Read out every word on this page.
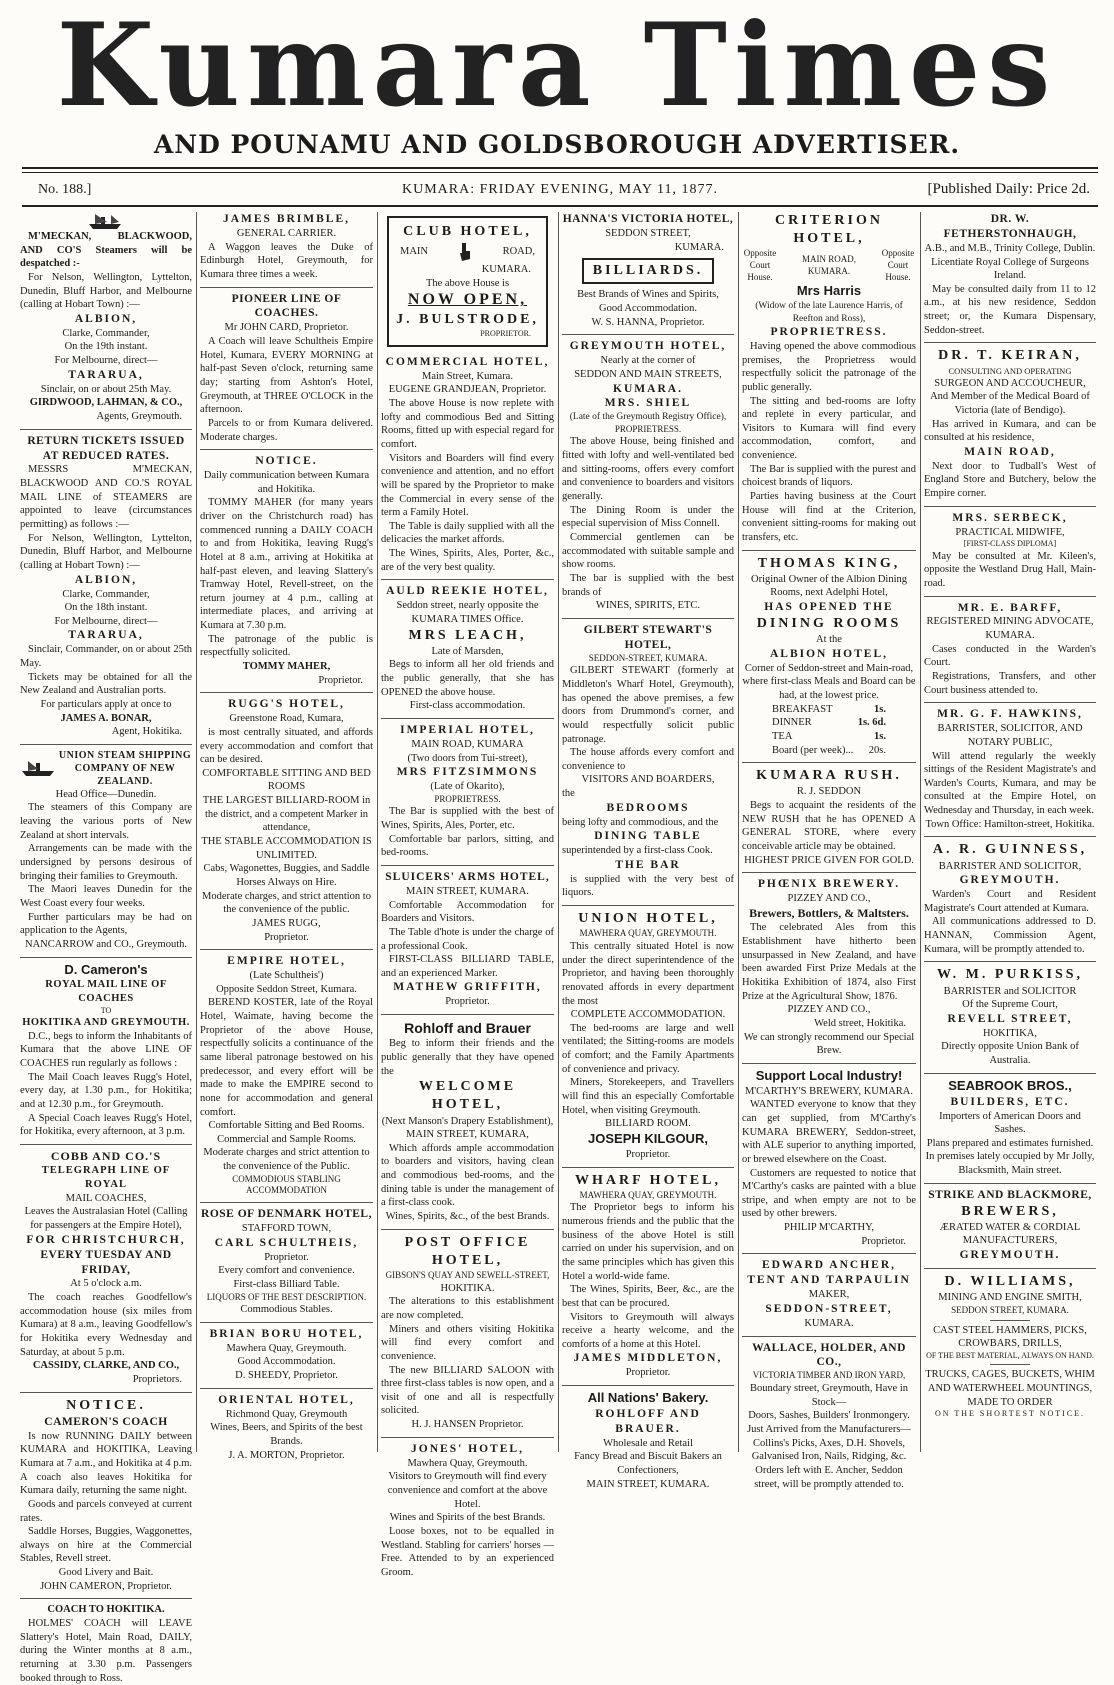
Kumara Times
AND POUNAMU AND GOLDSBOROUGH ADVERTISER.
No. 188.]	KUMARA: FRIDAY EVENING, MAY 11, 1877.	[Published Daily: Price 2d.
M'MECKAN, BLACKWOOD, AND CO'S Steamers will be despatched :-
For Nelson, Wellington, Lyttelton, Dunedin, Bluff Harbor, and Melbourne (calling at Hobart Town) :—
ALBION,
Clarke, Commander,
On the 19th instant.
For Melbourne, direct—
TARARUA,
Sinclair, on or about 25th May.
GIRDWOOD, LAHMAN, & CO.,
Agents, Greymouth.
RETURN TICKETS ISSUED AT REDUCED RATES.
MESSRS M'MECKAN, BLACKWOOD AND CO.'S ROYAL MAIL LINE of STEAMERS are appointed to leave (circumstances permitting) as follows :—
For Nelson, Wellington, Lyttelton, Dunedin, Bluff Harbor, and Melbourne (calling at Hobart Town) :—
ALBION,
Clarke, Commander,
On the 18th instant.
For Melbourne, direct—
TARARUA,
Sinclair, Commander, on or about 25th May.
Tickets may be obtained for all the New Zealand and Australian ports.
For particulars apply at once to
JAMES A. BONAR,
Agent, Hokitika.
UNION STEAM SHIPPING COMPANY OF NEW ZEALAND.
Head Office—Dunedin.
The steamers of this Company are leaving the various ports of New Zealand at short intervals.
Arrangements can be made with the undersigned by persons desirous of bringing their families to Greymouth.
The Maori leaves Dunedin for the West Coast every four weeks.
Further particulars may be had on application to the Agents,
NANCARROW and CO., Greymouth.
D. Cameron's
ROYAL MAIL LINE OF COACHES
TO
HOKITIKA AND GREYMOUTH.
D.C., begs to inform the Inhabitants of Kumara that the above LINE OF COACHES run regularly as follows :
The Mail Coach leaves Rugg's Hotel, every day, at 1.30 p.m., for Hokitika; and at 12.30 p.m., for Greymouth.
A Special Coach leaves Rugg's Hotel, for Hokitika, every afternoon, at 3 p.m.
COBB AND CO.'S
TELEGRAPH LINE OF ROYAL
MAIL COACHES,
Leaves the Australasian Hotel (Calling for passengers at the Empire Hotel),
FOR CHRISTCHURCH,
EVERY TUESDAY AND FRIDAY,
At 5 o'clock a.m.
The coach reaches Goodfellow's accommodation house (six miles from Kumara) at 8 a.m., leaving Goodfellow's for Hokitika every Wednesday and Saturday, at about 5 p.m.
CASSIDY, CLARKE, AND CO.,
Proprietors.
NOTICE.
CAMERON'S COACH
Is now RUNNING DAILY between KUMARA and HOKITIKA, Leaving Kumara at 7 a.m., and Hokitika at 4 p.m. A coach also leaves Hokitika for Kumara daily, returning the same night.
Goods and parcels conveyed at current rates.
Saddle Horses, Buggies, Waggonettes, always on hire at the Commercial Stables, Revell street.
Good Livery and Bait.
JOHN CAMERON, Proprietor.
COACH TO HOKITIKA.
HOLMES' COACH will LEAVE Slattery's Hotel, Main Road, DAILY, during the Winter months at 8 a.m., returning at 3.30 p.m. Passengers booked through to Ross.
JAMES BRIMBLE,
GENERAL CARRIER.
A Waggon leaves the Duke of Edinburgh Hotel, Greymouth, for Kumara three times a week.
PIONEER LINE OF COACHES.
Mr JOHN CARD, Proprietor.
A Coach will leave Schultheis Empire Hotel, Kumara, EVERY MORNING at half-past Seven o'clock, returning same day; starting from Ashton's Hotel, Greymouth, at THREE O'CLOCK in the afternoon.
Parcels to or from Kumara delivered. Moderate charges.
NOTICE.
Daily communication between Kumara and Hokitika.
TOMMY MAHER (for many years driver on the Christchurch road) has commenced running a DAILY COACH to and from Hokitika, leaving Rugg's Hotel at 8 a.m., arriving at Hokitika at half-past eleven, and leaving Slattery's Tramway Hotel, Revell-street, on the return journey at 4 p.m., calling at intermediate places, and arriving at Kumara at 7.30 p.m.
The patronage of the public is respectfully solicited.
TOMMY MAHER,
Proprietor.
RUGG'S HOTEL,
Greenstone Road, Kumara,
is most centrally situated, and affords every accommodation and comfort that can be desired.
COMFORTABLE SITTING AND BED ROOMS
THE LARGEST BILLIARD-ROOM in the district, and a competent Marker in attendance,
THE STABLE ACCOMMODATION IS UNLIMITED.
Cabs, Wagonettes, Buggies, and Saddle Horses Always on Hire.
Moderate charges, and strict attention to the convenience of the public.
JAMES RUGG,
Proprietor.
EMPIRE HOTEL,
(Late Schultheis')
Opposite Seddon Street, Kumara.
BEREND KOSTER, late of the Royal Hotel, Waimate, having become the Proprietor of the above House, respectfully solicits a continuance of the same liberal patronage bestowed on his predecessor, and every effort will be made to make the EMPIRE second to none for accommodation and general comfort.
Comfortable Sitting and Bed Rooms.
Commercial and Sample Rooms.
Moderate charges and strict attention to the convenience of the Public.
COMMODIOUS STABLING ACCOMMODATION
ROSE OF DENMARK HOTEL,
STAFFORD TOWN,
CARL SCHULTHEIS,
Proprietor.
Every comfort and convenience.
First-class Billiard Table.
LIQUORS OF THE BEST DESCRIPTION.
Commodious Stables.
BRIAN BORU HOTEL,
Mawhera Quay, Greymouth.
Good Accommodation.
D. SHEEDY, Proprietor.
ORIENTAL HOTEL,
Richmond Quay, Greymouth
Wines, Beers, and Spirits of the best Brands.
J. A. MORTON, Proprietor.
CLUB HOTEL,
MAIN	ROAD,
KUMARA.
The above House is
NOW OPEN,
J. BULSTRODE,
PROPRIETOR.
COMMERCIAL HOTEL,
Main Street, Kumara.
EUGENE GRANDJEAN, Proprietor.
The above House is now replete with lofty and commodious Bed and Sitting Rooms, fitted up with especial regard for comfort.
Visitors and Boarders will find every convenience and attention, and no effort will be spared by the Proprietor to make the Commercial in every sense of the term a Family Hotel.
The Table is daily supplied with all the delicacies the market affords.
The Wines, Spirits, Ales, Porter, &c., are of the very best quality.
AULD REEKIE HOTEL,
Seddon street, nearly opposite the KUMARA TIMES Office.
MRS LEACH,
Late of Marsden,
Begs to inform all her old friends and the public generally, that she has OPENED the above house.
First-class accommodation.
IMPERIAL HOTEL,
MAIN ROAD, KUMARA
(Two doors from Tui-street),
MRS FITZSIMMONS
(Late of Okarito),
PROPRIETRESS.
The Bar is supplied with the best of Wines, Spirits, Ales, Porter, etc.
Comfortable bar parlors, sitting, and bed-rooms.
SLUICERS' ARMS HOTEL,
MAIN STREET, KUMARA.
Comfortable Accommodation for Boarders and Visitors.
The Table d'hote is under the charge of a professional Cook.
FIRST-CLASS BILLIARD TABLE, and an experienced Marker.
MATHEW GRIFFITH,
Proprietor.
Rohloff and Brauer
Beg to inform their friends and the public generally that they have opened the
WELCOME HOTEL,
(Next Manson's Drapery Establishment),
MAIN STREET, KUMARA,
Which affords ample accommodation to boarders and visitors, having clean and commodious bed-rooms, and the dining table is under the management of a first-class cook.
Wines, Spirits, &c., of the best Brands.
POST OFFICE HOTEL,
GIBSON'S QUAY AND SEWELL-STREET,
HOKITIKA.
The alterations to this establishment are now completed.
Miners and others visiting Hokitika will find every comfort and convenience.
The new BILLIARD SALOON with three first-class tables is now open, and a visit of one and all is respectfully solicited.
H. J. HANSEN Proprietor.
JONES' HOTEL,
Mawhera Quay, Greymouth.
Visitors to Greymouth will find every convenience and comfort at the above Hotel.
Wines and Spirits of the best Brands.
Loose boxes, not to be equalled in Westland. Stabling for carriers' horses —Free. Attended to by an experienced Groom.
HANNA'S VICTORIA HOTEL,
SEDDON STREET,
KUMARA.
BILLIARDS.
Best Brands of Wines and Spirits,
Good Accommodation.
W. S. HANNA, Proprietor.
GREYMOUTH HOTEL,
Nearly at the corner of
SEDDON AND MAIN STREETS,
KUMARA.
MRS. SHIEL
(Late of the Greymouth Registry Office),
PROPRIETRESS.
The above House, being finished and fitted with lofty and well-ventilated bed and sitting-rooms, offers every comfort and convenience to boarders and visitors generally.
The Dining Room is under the especial supervision of Miss Connell.
Commercial gentlemen can be accommodated with suitable sample and show rooms.
The bar is supplied with the best brands of
WINES, SPIRITS, ETC.
GILBERT STEWART'S HOTEL,
SEDDON-STREET, KUMARA.
GILBERT STEWART (formerly at Middleton's Wharf Hotel, Greymouth), has opened the above premises, a few doors from Drummond's corner, and would respectfully solicit public patronage.
The house affords every comfort and convenience to
VISITORS AND BOARDERS,
the
BEDROOMS
being lofty and commodious, and the
DINING TABLE
superintended by a first-class Cook.
THE BAR
is supplied with the very best of liquors.
UNION HOTEL,
MAWHERA QUAY, GREYMOUTH.
This centrally situated Hotel is now under the direct superintendence of the Proprietor, and having been thoroughly renovated affords in every department the most
COMPLETE ACCOMMODATION.
The bed-rooms are large and well ventilated; the Sitting-rooms are models of comfort; and the Family Apartments of convenience and privacy.
Miners, Storekeepers, and Travellers will find this an especially Comfortable Hotel, when visiting Greymouth.
BILLIARD ROOM.
JOSEPH KILGOUR,
Proprietor.
WHARF HOTEL,
MAWHERA QUAY, GREYMOUTH.
The Proprietor begs to inform his numerous friends and the public that the business of the above Hotel is still carried on under his supervision, and on the same principles which has given this Hotel a world-wide fame.
The Wines, Spirits, Beer, &c., are the best that can be procured.
Visitors to Greymouth will always receive a hearty welcome, and the comforts of a home at this Hotel.
JAMES MIDDLETON,
Proprietor.
All Nations' Bakery.
ROHLOFF AND BRAUER.
Wholesale and Retail
Fancy Bread and Biscuit Bakers an Confectioners,
MAIN STREET, KUMARA.
CRITERION HOTEL,
Opposite Court House.
MAIN ROAD,
KUMARA.
Opposite Court House.
Mrs Harris
(Widow of the late Laurence Harris, of Reefton and Ross),
PROPRIETRESS.
Having opened the above commodious premises, the Proprietress would respectfully solicit the patronage of the public generally.
The sitting and bed-rooms are lofty and replete in every particular, and Visitors to Kumara will find every accommodation, comfort, and convenience.
The Bar is supplied with the purest and choicest brands of liquors.
Parties having business at the Court House will find at the Criterion, convenient sitting-rooms for making out transfers, etc.
THOMAS KING,
Original Owner of the Albion Dining Rooms, next Adelphi Hotel,
HAS OPENED THE
DINING ROOMS
At the
ALBION HOTEL,
Corner of Seddon-street and Main-road, where first-class Meals and Board can be had, at the lowest price.
BREAKFAST	1s.
DINNER	1s. 6d.
TEA	1s.
Board (per week)... 20s.
KUMARA RUSH.
R. J. SEDDON
Begs to acquaint the residents of the NEW RUSH that he has OPENED A GENERAL STORE, where every conceivable article may be obtained.
HIGHEST PRICE GIVEN FOR GOLD.
PHŒNIX BREWERY.
PIZZEY AND CO.,
Brewers, Bottlers, & Maltsters.
The celebrated Ales from this Establishment have hitherto been unsurpassed in New Zealand, and have been awarded First Prize Medals at the Hokitika Exhibition of 1874, also First Prize at the Agricultural Show, 1876.
PIZZEY AND CO.,
Weld street, Hokitika.
We can strongly recommend our Special Brew.
Support Local Industry!
M'CARTHY'S BREWERY, KUMARA.
WANTED everyone to know that they can get supplied, from M'Carthy's KUMARA BREWERY, Seddon-street, with ALE superior to anything imported, or brewed elsewhere on the Coast.
Customers are requested to notice that M'Carthy's casks are painted with a blue stripe, and when empty are not to be used by other brewers.
PHILIP M'CARTHY,
Proprietor.
EDWARD ANCHER,
TENT AND TARPAULIN
MAKER,
SEDDON-STREET,
KUMARA.
WALLACE, HOLDER, AND CO.,
VICTORIA TIMBER AND IRON YARD,
Boundary street, Greymouth, Have in Stock—
Doors, Sashes, Builders' Ironmongery.
Just Arrived from the Manufacturers—
Collins's Picks, Axes, D.H. Shovels, Galvanised Iron, Nails, Ridging, &c.
Orders left with E. Ancher, Seddon street, will be promptly attended to.
DR. W. FETHERSTONHAUGH,
A.B., and M.B., Trinity College, Dublin.
Licentiate Royal College of Surgeons Ireland.
May be consulted daily from 11 to 12 a.m., at his new residence, Seddon street; or, the Kumara Dispensary, Seddon-street.
DR. T. KEIRAN,
CONSULTING AND OPERATING
SURGEON AND ACCOUCHEUR,
And Member of the Medical Board of Victoria (late of Bendigo).
Has arrived in Kumara, and can be consulted at his residence,
MAIN ROAD,
Next door to Tudball's West of England Store and Butchery, below the Empire corner.
MRS. SERBECK,
PRACTICAL MIDWIFE,
[FIRST-CLASS DIPLOMA]
May be consulted at Mr. Kileen's, opposite the Westland Drug Hall, Main-road.
MR. E. BARFF,
REGISTERED MINING ADVOCATE, KUMARA.
Cases conducted in the Warden's Court.
Registrations, Transfers, and other Court business attended to.
MR. G. F. HAWKINS,
BARRISTER, SOLICITOR, AND NOTARY PUBLIC,
Will attend regularly the weekly sittings of the Resident Magistrate's and Warden's Courts, Kumara, and may be consulted at the Empire Hotel, on Wednesday and Thursday, in each week.
Town Office: Hamilton-street, Hokitika.
A. R. GUINNESS,
BARRISTER AND SOLICITOR,
GREYMOUTH.
Warden's Court and Resident Magistrate's Court attended at Kumara.
All communications addressed to D. HANNAN, Commission Agent, Kumara, will be promptly attended to.
W. M. PURKISS,
BARRISTER and SOLICITOR
Of the Supreme Court,
REVELL STREET,
HOKITIKA,
Directly opposite Union Bank of Australia.
SEABROOK BROS.,
BUILDERS, ETC.
Importers of American Doors and Sashes.
Plans prepared and estimates furnished.
In premises lately occupied by Mr Jolly, Blacksmith, Main street.
STRIKE AND BLACKMORE,
BREWERS,
ÆRATED WATER & CORDIAL
MANUFACTURERS,
GREYMOUTH.
D. WILLIAMS,
MINING AND ENGINE SMITH,
SEDDON STREET, KUMARA.
CAST STEEL HAMMERS, PICKS, CROWBARS, DRILLS,
OF THE BEST MATERIAL, ALWAYS ON HAND.
TRUCKS, CAGES, BUCKETS, WHIM AND WATERWHEEL MOUNTINGS, MADE TO ORDER
ON THE SHORTEST NOTICE.
